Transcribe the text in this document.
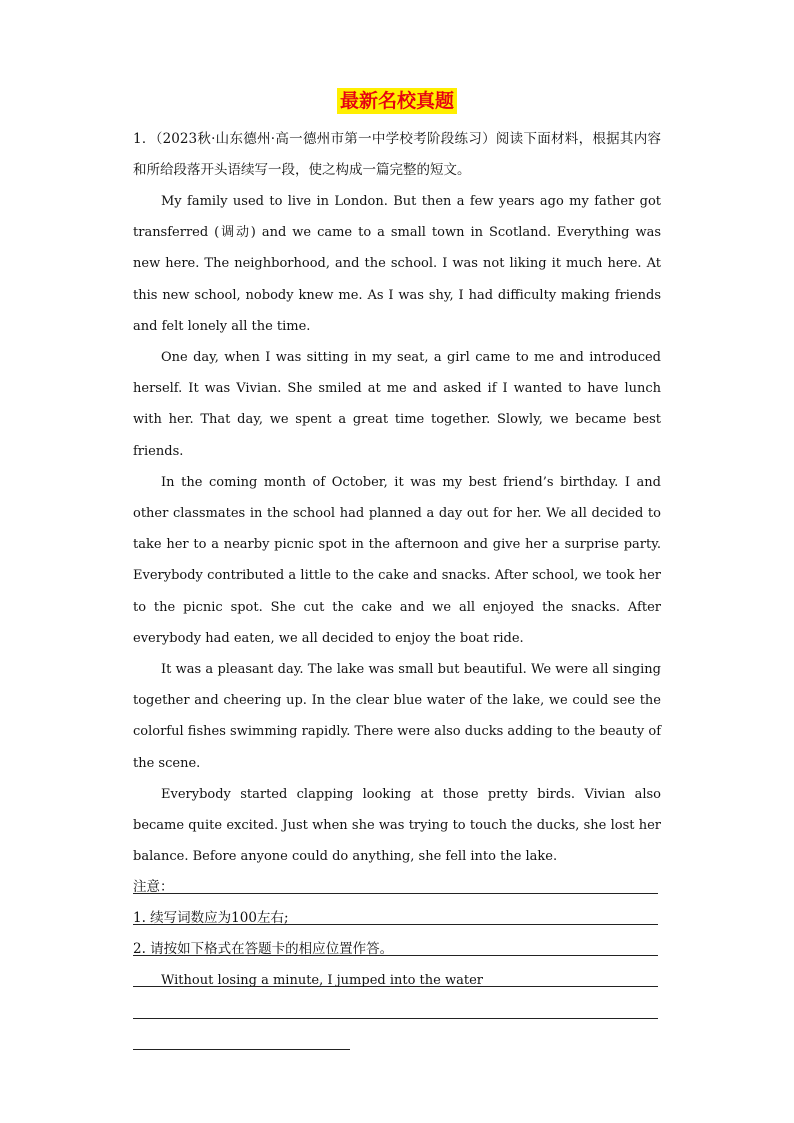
最新名校真题

1．（2023秋·山东德州·高一德州市第一中学校考阶段练习）阅读下面材料，根据其内容和所给段落开头语续写一段，使之构成一篇完整的短文。

My family used to live in London. But then a few years ago my father got transferred (调动) and we came to a small town in Scotland. Everything was new here. The neighborhood, and the school. I was not liking it much here. At this new school, nobody knew me. As I was shy, I had difficulty making friends and felt lonely all the time.

One day, when I was sitting in my seat, a girl came to me and introduced herself. It was Vivian. She smiled at me and asked if I wanted to have lunch with her. That day, we spent a great time together. Slowly, we became best friends.

In the coming month of October, it was my best friend’s birthday. I and other classmates in the school had planned a day out for her. We all decided to take her to a nearby picnic spot in the afternoon and give her a surprise party. Everybody contributed a little to the cake and snacks. After school, we took her to the picnic spot. She cut the cake and we all enjoyed the snacks. After everybody had eaten, we all decided to enjoy the boat ride.

It was a pleasant day. The lake was small but beautiful. We were all singing together and cheering up. In the clear blue water of the lake, we could see the colorful fishes swimming rapidly. There were also ducks adding to the beauty of the scene.

Everybody started clapping looking at those pretty birds. Vivian also became quite excited. Just when she was trying to touch the ducks, she lost her balance. Before anyone could do anything, she fell into the lake.

注意：

1. 续写词数应为100左右;

2. 请按如下格式在答题卡的相应位置作答。

Without losing a minute, I jumped into the water
